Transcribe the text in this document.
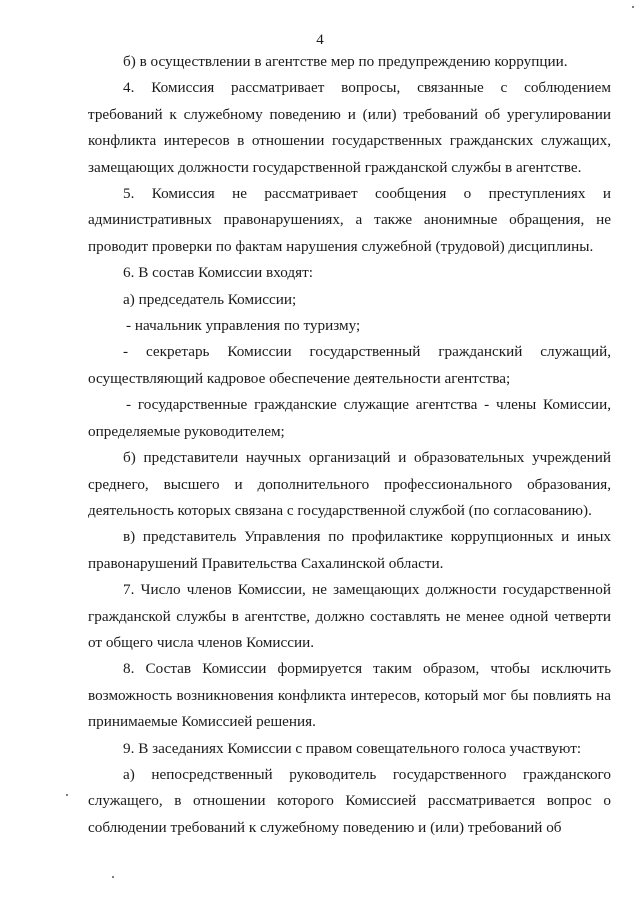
4

б) в осуществлении в агентстве мер по предупреждению коррупции.

4. Комиссия рассматривает вопросы, связанные с соблюдением требований к служебному поведению и (или) требований об урегулировании конфликта интересов в отношении государственных гражданских служащих, замещающих должности государственной гражданской службы в агентстве.

5. Комиссия не рассматривает сообщения о преступлениях и административных правонарушениях, а также анонимные обращения, не проводит проверки по фактам нарушения служебной (трудовой) дисциплины.

6. В состав Комиссии входят:

а) председатель Комиссии;

- начальник управления по туризму;

- секретарь Комиссии государственный гражданский служащий, осуществляющий кадровое обеспечение деятельности агентства;

- государственные гражданские служащие агентства - члены Комиссии, определяемые руководителем;

б) представители научных организаций и образовательных учреждений среднего, высшего и дополнительного профессионального образования, деятельность которых связана с государственной службой (по согласованию).

в) представитель Управления по профилактике коррупционных и иных правонарушений Правительства Сахалинской области.

7. Число членов Комиссии, не замещающих должности государственной гражданской службы в агентстве, должно составлять не менее одной четверти от общего числа членов Комиссии.

8. Состав Комиссии формируется таким образом, чтобы исключить возможность возникновения конфликта интересов, который мог бы повлиять на принимаемые Комиссией решения.

9. В заседаниях Комиссии с правом совещательного голоса участвуют:

а) непосредственный руководитель государственного гражданского служащего, в отношении которого Комиссией рассматривается вопрос о соблюдении требований к служебному поведению и (или) требований об
